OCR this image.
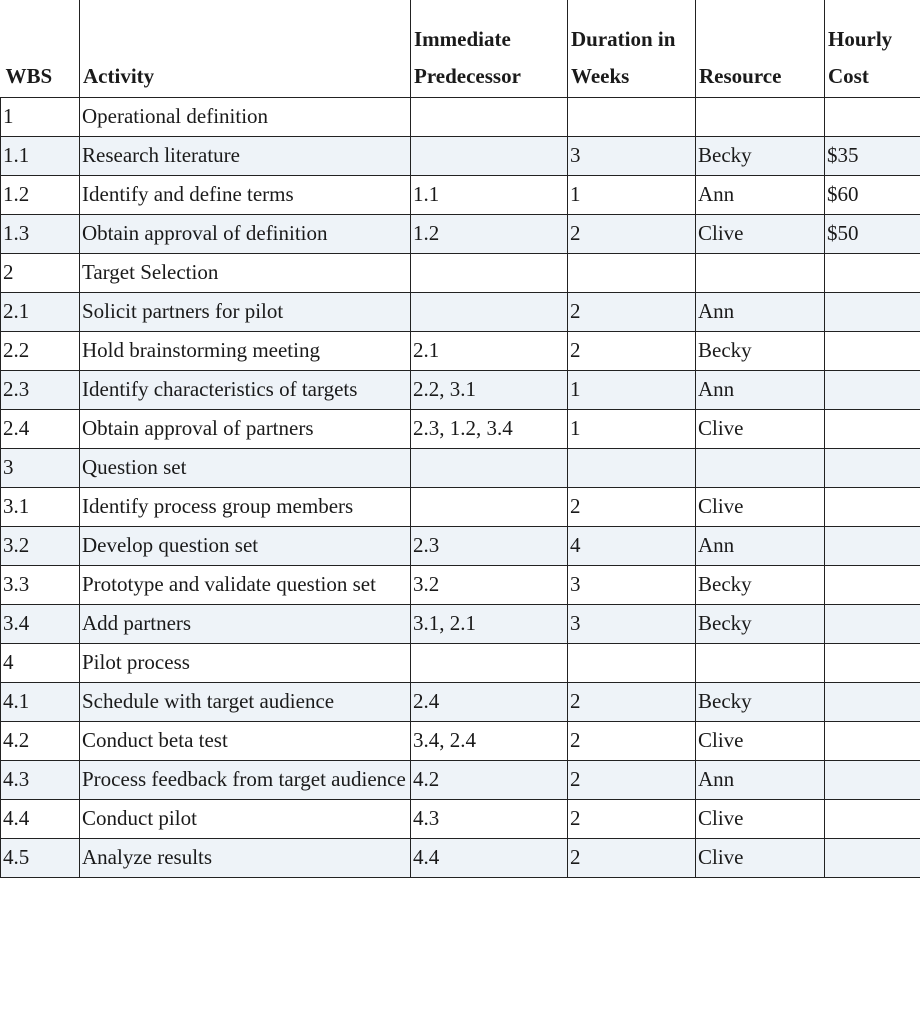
WBS	Activity	Immediate Predecessor	Duration in Weeks	Resource	Hourly Cost
1	Operational definition				
1.1	Research literature		3	Becky	$35
1.2	Identify and define terms	1.1	1	Ann	$60
1.3	Obtain approval of definition	1.2	2	Clive	$50
2	Target Selection				
2.1	Solicit partners for pilot		2	Ann	
2.2	Hold brainstorming meeting	2.1	2	Becky	
2.3	Identify characteristics of targets	2.2, 3.1	1	Ann	
2.4	Obtain approval of partners	2.3, 1.2, 3.4	1	Clive	
3	Question set				
3.1	Identify process group members		2	Clive	
3.2	Develop question set	2.3	4	Ann	
3.3	Prototype and validate question set	3.2	3	Becky	
3.4	Add partners	3.1, 2.1	3	Becky	
4	Pilot process				
4.1	Schedule with target audience	2.4	2	Becky	
4.2	Conduct beta test	3.4, 2.4	2	Clive	
4.3	Process feedback from target audience	4.2	2	Ann	
4.4	Conduct pilot	4.3	2	Clive	
4.5	Analyze results	4.4	2	Clive	
